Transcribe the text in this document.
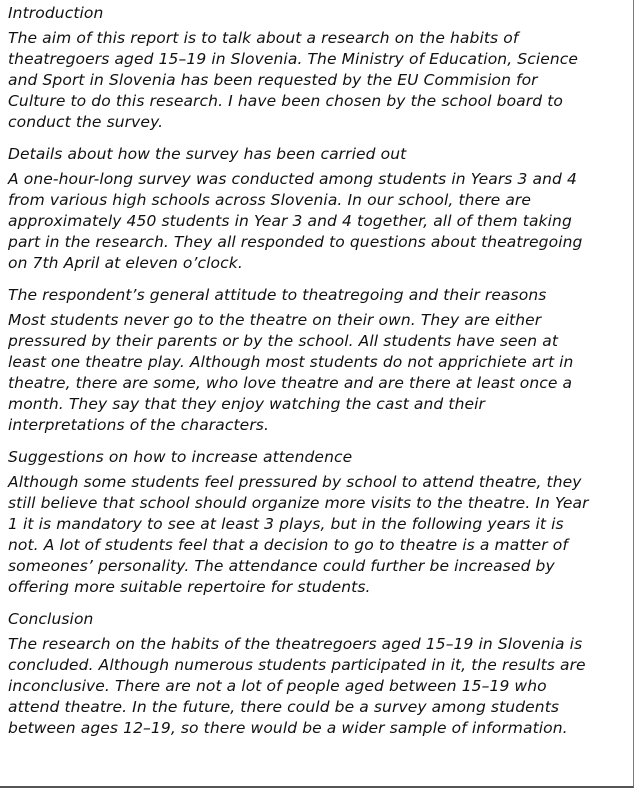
Introduction
The aim of this report is to talk about a research on the habits of
theatregoers aged 15–19 in Slovenia. The Ministry of Education, Science
and Sport in Slovenia has been requested by the EU Commision for
Culture to do this research. I have been chosen by the school board to
conduct the survey.
Details about how the survey has been carried out
A one-hour-long survey was conducted among students in Years 3 and 4
from various high schools across Slovenia. In our school, there are
approximately 450 students in Year 3 and 4 together, all of them taking
part in the research. They all responded to questions about theatregoing
on 7th April at eleven o’clock.
The respondent’s general attitude to theatregoing and their reasons
Most students never go to the theatre on their own. They are either
pressured by their parents or by the school. All students have seen at
least one theatre play. Although most students do not apprichiete art in
theatre, there are some, who love theatre and are there at least once a
month. They say that they enjoy watching the cast and their
interpretations of the characters.
Suggestions on how to increase attendence
Although some students feel pressured by school to attend theatre, they
still believe that school should organize more visits to the theatre. In Year
1 it is mandatory to see at least 3 plays, but in the following years it is
not. A lot of students feel that a decision to go to theatre is a matter of
someones’ personality. The attendance could further be increased by
offering more suitable repertoire for students.
Conclusion
The research on the habits of the theatregoers aged 15–19 in Slovenia is
concluded. Although numerous students participated in it, the results are
inconclusive. There are not a lot of people aged between 15–19 who
attend theatre. In the future, there could be a survey among students
between ages 12–19, so there would be a wider sample of information.
